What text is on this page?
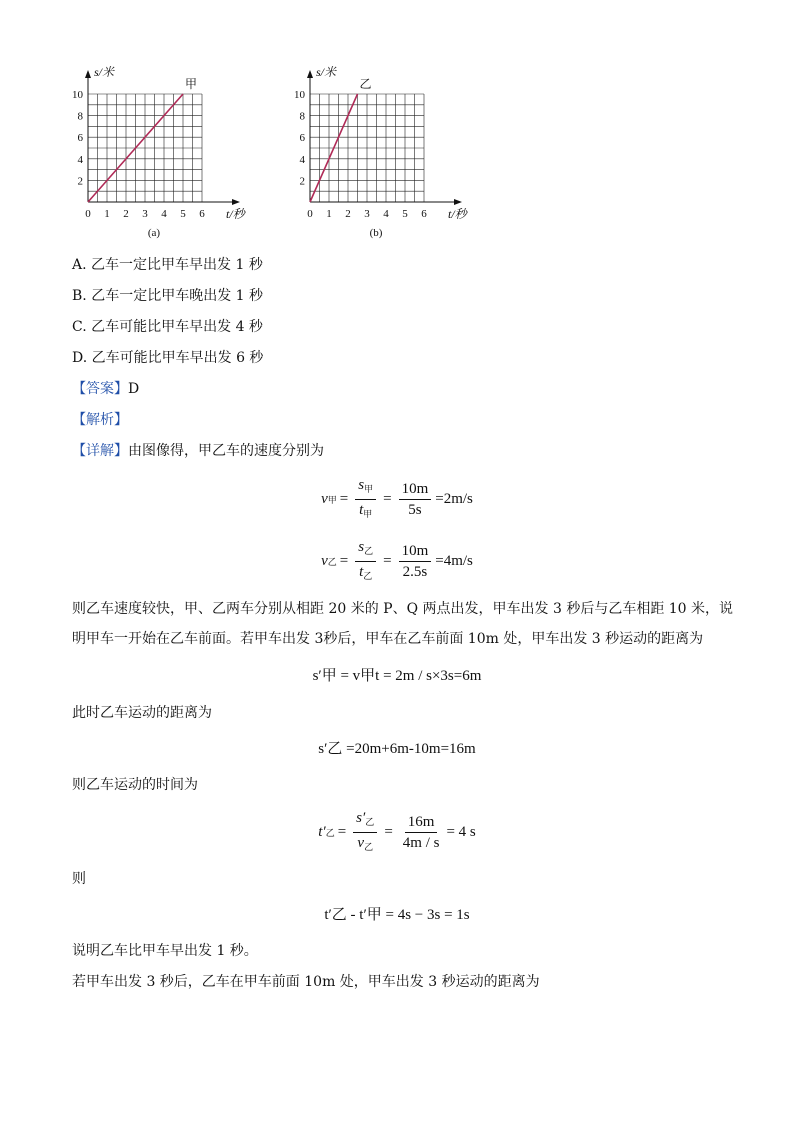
0 1 2 3 4 5 6
2
4
6
8
10
s/米
t/秒
甲
(a)
0 1 2 3 4 5 6
2
4
6
8
10
s/米
t/秒
乙
(b)
A. 乙车一定比甲车早出发 1 秒
B. 乙车一定比甲车晚出发 1 秒
C. 乙车可能比甲车早出发 4 秒
D. 乙车可能比甲车早出发 6 秒
【答案】D
【解析】
【详解】由图像得，甲乙车的速度分别为
v 甲 = $\frac{s_甲}{t_甲} = \frac{10m}{5s} =2m/s$
v 乙 = $\frac{s_乙}{t_乙} = \frac{10m}{2.5s} =4m/s$
则乙车速度较快，甲、乙两车分别从相距 20 米的 P、Q 两点出发，甲车出发 3 秒后与乙车相距 10 米，说
明甲车一开始在乙车前面。若甲车出发 3秒后，甲车在乙车前面 10m 处，甲车出发 3 秒运动的距离为
s′甲 = v甲t = 2m / s×3s=6m
此时乙车运动的距离为
s′乙 =20m+6m-10m=16m
则乙车运动的时间为
t′ 乙 = $\frac{s'_乙}{v_乙} = \frac{16m}{4m / s} = 4$ s
则
t′乙 - t′甲 = 4s − 3s = 1s
说明乙车比甲车早出发 1 秒。
若甲车出发 3 秒后，乙车在甲车前面 10m 处，甲车出发 3 秒运动的距离为
